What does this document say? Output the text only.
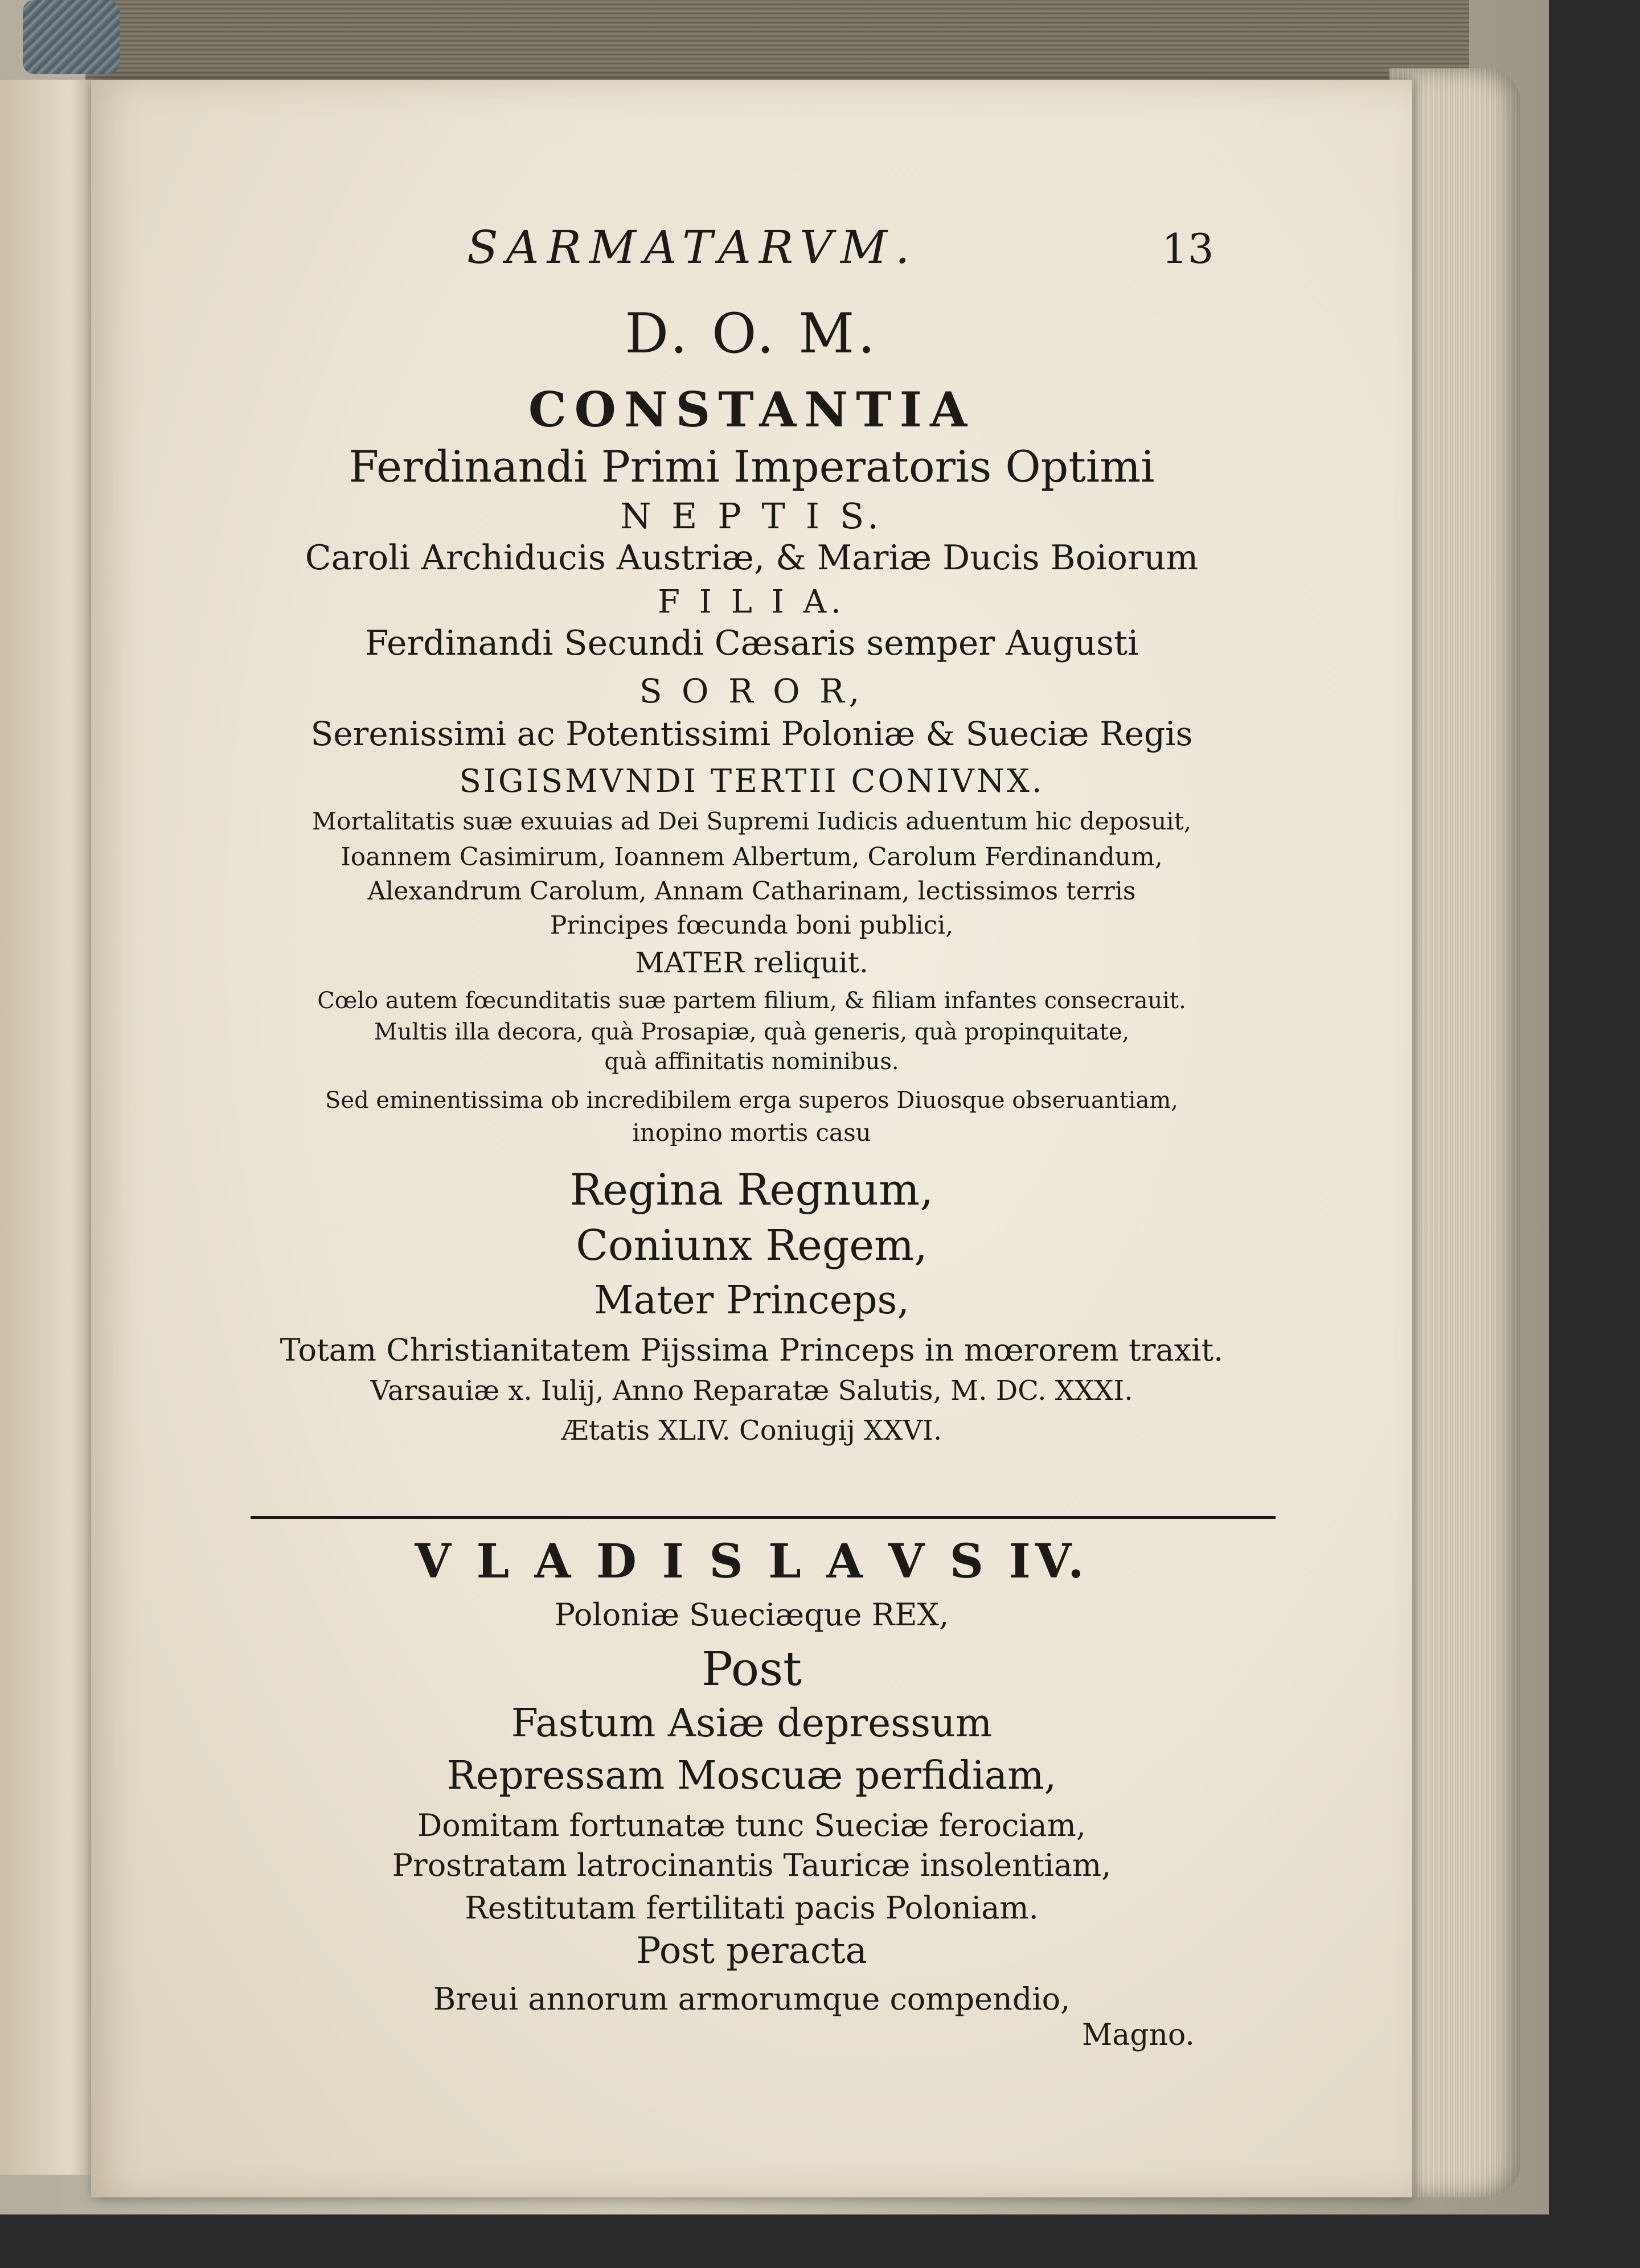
SARMATARVM.	13
D. O. M.
CONSTANTIA
Ferdinandi Primi Imperatoris Optimi
N E P T I S.
Caroli Archiducis Austriæ, & Mariæ Ducis Boiorum
F I L I A.
Ferdinandi Secundi Cæsaris semper Augusti
S O R O R,
Serenissimi ac Potentissimi Poloniæ & Sueciæ Regis
SIGISMVNDI TERTII CONIVNX.
Mortalitatis suæ exuuias ad Dei Supremi Iudicis aduentum hic deposuit,
Ioannem Casimirum, Ioannem Albertum, Carolum Ferdinandum,
Alexandrum Carolum, Annam Catharinam, lectissimos terris
Principes fœcunda boni publici,
MATER reliquit.
Cœlo autem fœcunditatis suæ partem filium, & filiam infantes consecrauit.
Multis illa decora, quà Prosapiæ, quà generis, quà propinquitate,
quà affinitatis nominibus.
Sed eminentissima ob incredibilem erga superos Diuosque obseruantiam,
inopino mortis casu
Regina Regnum,
Coniunx Regem,
Mater Princeps,
Totam Christianitatem Pijssima Princeps in mœrorem traxit.
Varsauiæ x. Iulij, Anno Reparatæ Salutis, M. DC. XXXI.
Ætatis XLIV. Coniugij XXVI.
V L A D I S L A V S IV.
Poloniæ Sueciæque REX,
Post
Fastum Asiæ depressum
Repressam Moscuæ perfidiam,
Domitam fortunatæ tunc Sueciæ ferociam,
Prostratam latrocinantis Tauricæ insolentiam,
Restitutam fertilitati pacis Poloniam.
Post peracta
Breui annorum armorumque compendio,
Magno.
